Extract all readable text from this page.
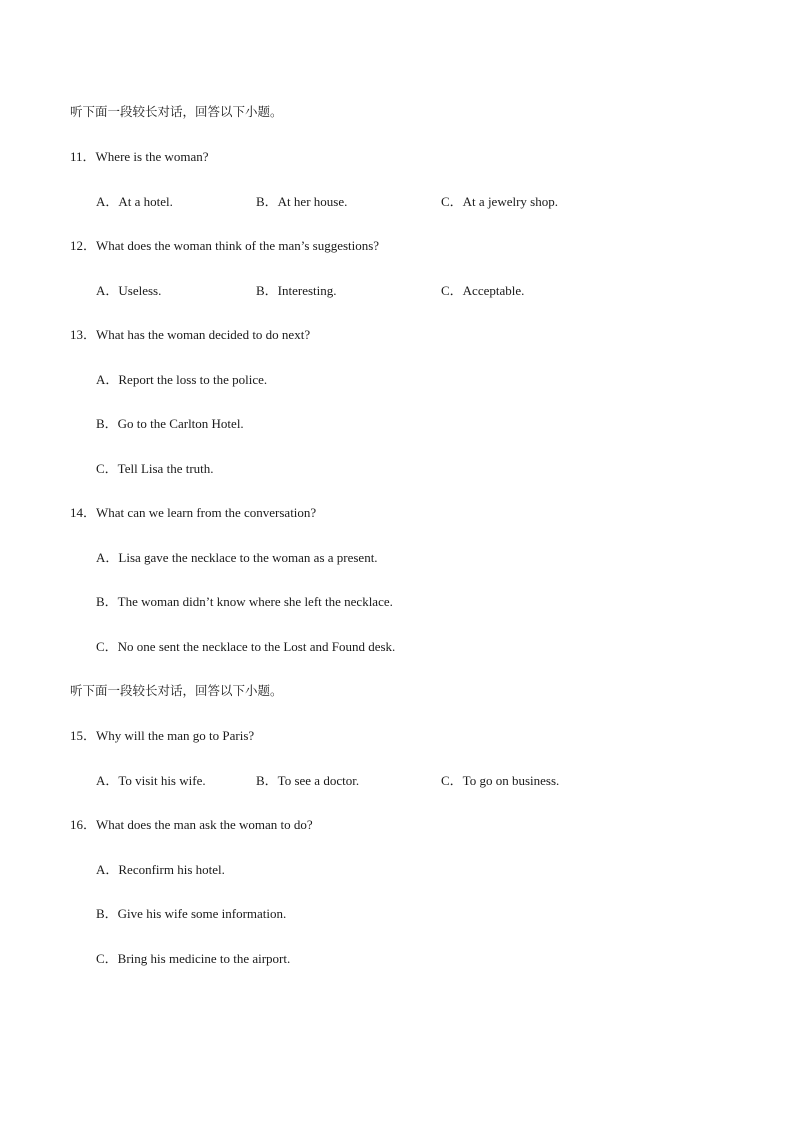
听下面一段较长对话，回答以下小题。
11．Where is the woman?
A．At a hotel.	B．At her house.	C．At a jewelry shop.
12．What does the woman think of the man’s suggestions?
A．Useless.	B．Interesting.	C．Acceptable.
13．What has the woman decided to do next?
A．Report the loss to the police.
B．Go to the Carlton Hotel.
C．Tell Lisa the truth.
14．What can we learn from the conversation?
A．Lisa gave the necklace to the woman as a present.
B．The woman didn’t know where she left the necklace.
C．No one sent the necklace to the Lost and Found desk.
听下面一段较长对话，回答以下小题。
15．Why will the man go to Paris?
A．To visit his wife.	B．To see a doctor.	C．To go on business.
16．What does the man ask the woman to do?
A．Reconfirm his hotel.
B．Give his wife some information.
C．Bring his medicine to the airport.
